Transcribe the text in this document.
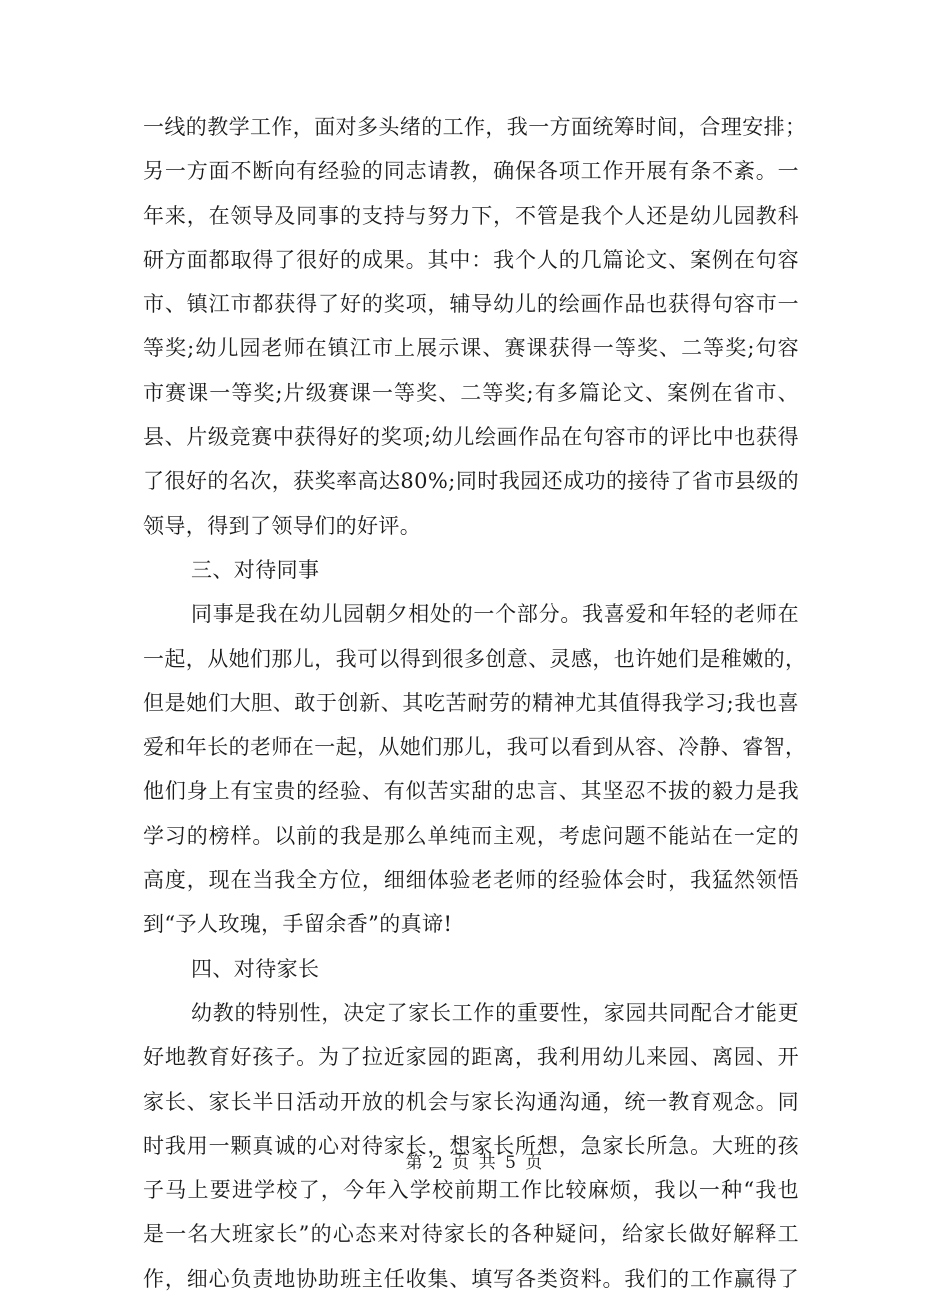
一线的教学工作，面对多头绪的工作，我一方面统筹时间，合理安排；
另一方面不断向有经验的同志请教，确保各项工作开展有条不紊。一
年来，在领导及同事的支持与努力下，不管是我个人还是幼儿园教科
研方面都取得了很好的成果。其中：我个人的几篇论文、案例在句容
市、镇江市都获得了好的奖项，辅导幼儿的绘画作品也获得句容市一
等奖;幼儿园老师在镇江市上展示课、赛课获得一等奖、二等奖;句容
市赛课一等奖;片级赛课一等奖、二等奖;有多篇论文、案例在省市、
县、片级竞赛中获得好的奖项;幼儿绘画作品在句容市的评比中也获得
了很好的名次，获奖率高达80%;同时我园还成功的接待了省市县级的
领导，得到了领导们的好评。
三、对待同事
同事是我在幼儿园朝夕相处的一个部分。我喜爱和年轻的老师在
一起，从她们那儿，我可以得到很多创意、灵感，也许她们是稚嫩的，
但是她们大胆、敢于创新、其吃苦耐劳的精神尤其值得我学习;我也喜
爱和年长的老师在一起，从她们那儿，我可以看到从容、冷静、睿智，
他们身上有宝贵的经验、有似苦实甜的忠言、其坚忍不拔的毅力是我
学习的榜样。以前的我是那么单纯而主观，考虑问题不能站在一定的
高度，现在当我全方位，细细体验老老师的经验体会时，我猛然领悟
到“予人玫瑰，手留余香”的真谛!
四、对待家长
幼教的特别性，决定了家长工作的重要性，家园共同配合才能更
好地教育好孩子。为了拉近家园的距离，我利用幼儿来园、离园、开
家长、家长半日活动开放的机会与家长沟通沟通，统一教育观念。同
时我用一颗真诚的心对待家长，想家长所想，急家长所急。大班的孩
子马上要进学校了，今年入学校前期工作比较麻烦，我以一种“我也
是一名大班家长”的心态来对待家长的各种疑问，给家长做好解释工
作，细心负责地协助班主任收集、填写各类资料。我们的工作赢得了
第 2 页 共 5 页
